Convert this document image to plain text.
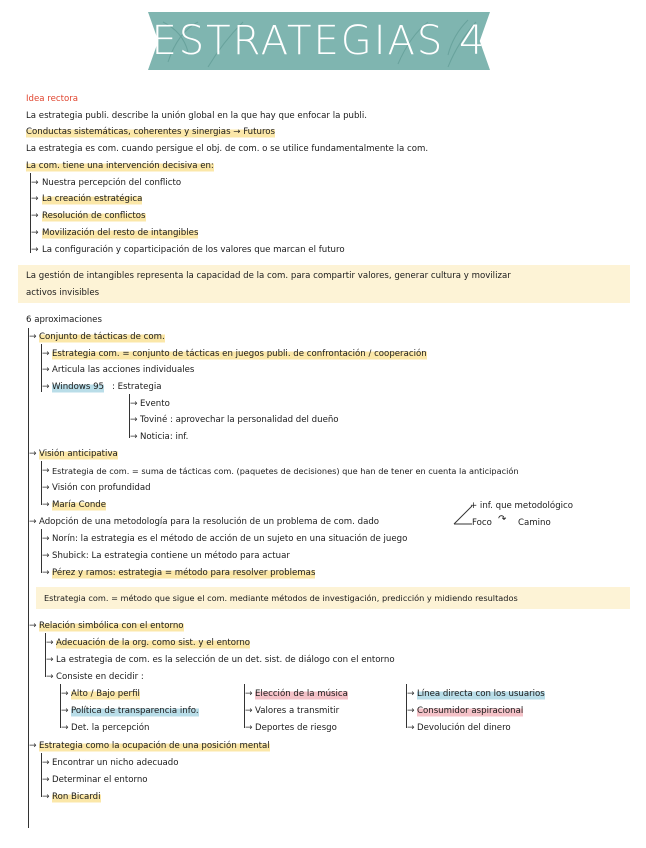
ESTRATEGIAS 4
Idea rectora
La estrategia publi. describe la unión global en la que hay que enfocar la publi.
Conductas sistemáticas, coherentes y sinergias → Futuros
La estrategia es com. cuando persigue el obj. de com. o se utilice fundamentalmente la com.
La com. tiene una intervención decisiva en:
→ Nuestra percepción del conflicto
→ La creación estratégica
→ Resolución de conflictos
→ Movilización del resto de intangibles
→ La configuración y coparticipación de los valores que marcan el futuro
La gestión de intangibles representa la capacidad de la com. para compartir valores, generar cultura y movilizar
activos invisibles
6 aproximaciones
→ Conjunto de tácticas de com.
→ Estrategia com. = conjunto de tácticas en juegos publi. de confrontación / cooperación
→ Articula las acciones individuales
→ Windows 95 : Estrategia
→ Evento
→ Toviné : aprovechar la personalidad del dueño
→ Noticia: inf.
→ Visión anticipativa
→ Estrategia de com. = suma de tácticas com. (paquetes de decisiones) que han de tener en cuenta la anticipación
→ Visión con profundidad
→ María Conde
→ Adopción de una metodología para la resolución de un problema de com. dado
+ inf. que metodológico
Foco ↷ Camino
→ Norín: la estrategia es el método de acción de un sujeto en una situación de juego
→ Shubick: La estrategia contiene un método para actuar
→ Pérez y ramos: estrategia = método para resolver problemas
Estrategia com. = método que sigue el com. mediante métodos de investigación, predicción y midiendo resultados
→ Relación simbólica con el entorno
→ Adecuación de la org. como sist. y el entorno
→ La estrategia de com. es la selección de un det. sist. de diálogo con el entorno
→ Consiste en decidir :
→ Alto / Bajo perfil
→ Política de transparencia info.
→ Det. la percepción
→ Elección de la música
→ Valores a transmitir
→ Deportes de riesgo
→ Línea directa con los usuarios
→ Consumidor aspiracional
→ Devolución del dinero
→ Estrategia como la ocupación de una posición mental
→ Encontrar un nicho adecuado
→ Determinar el entorno
→ Ron Bicardi
